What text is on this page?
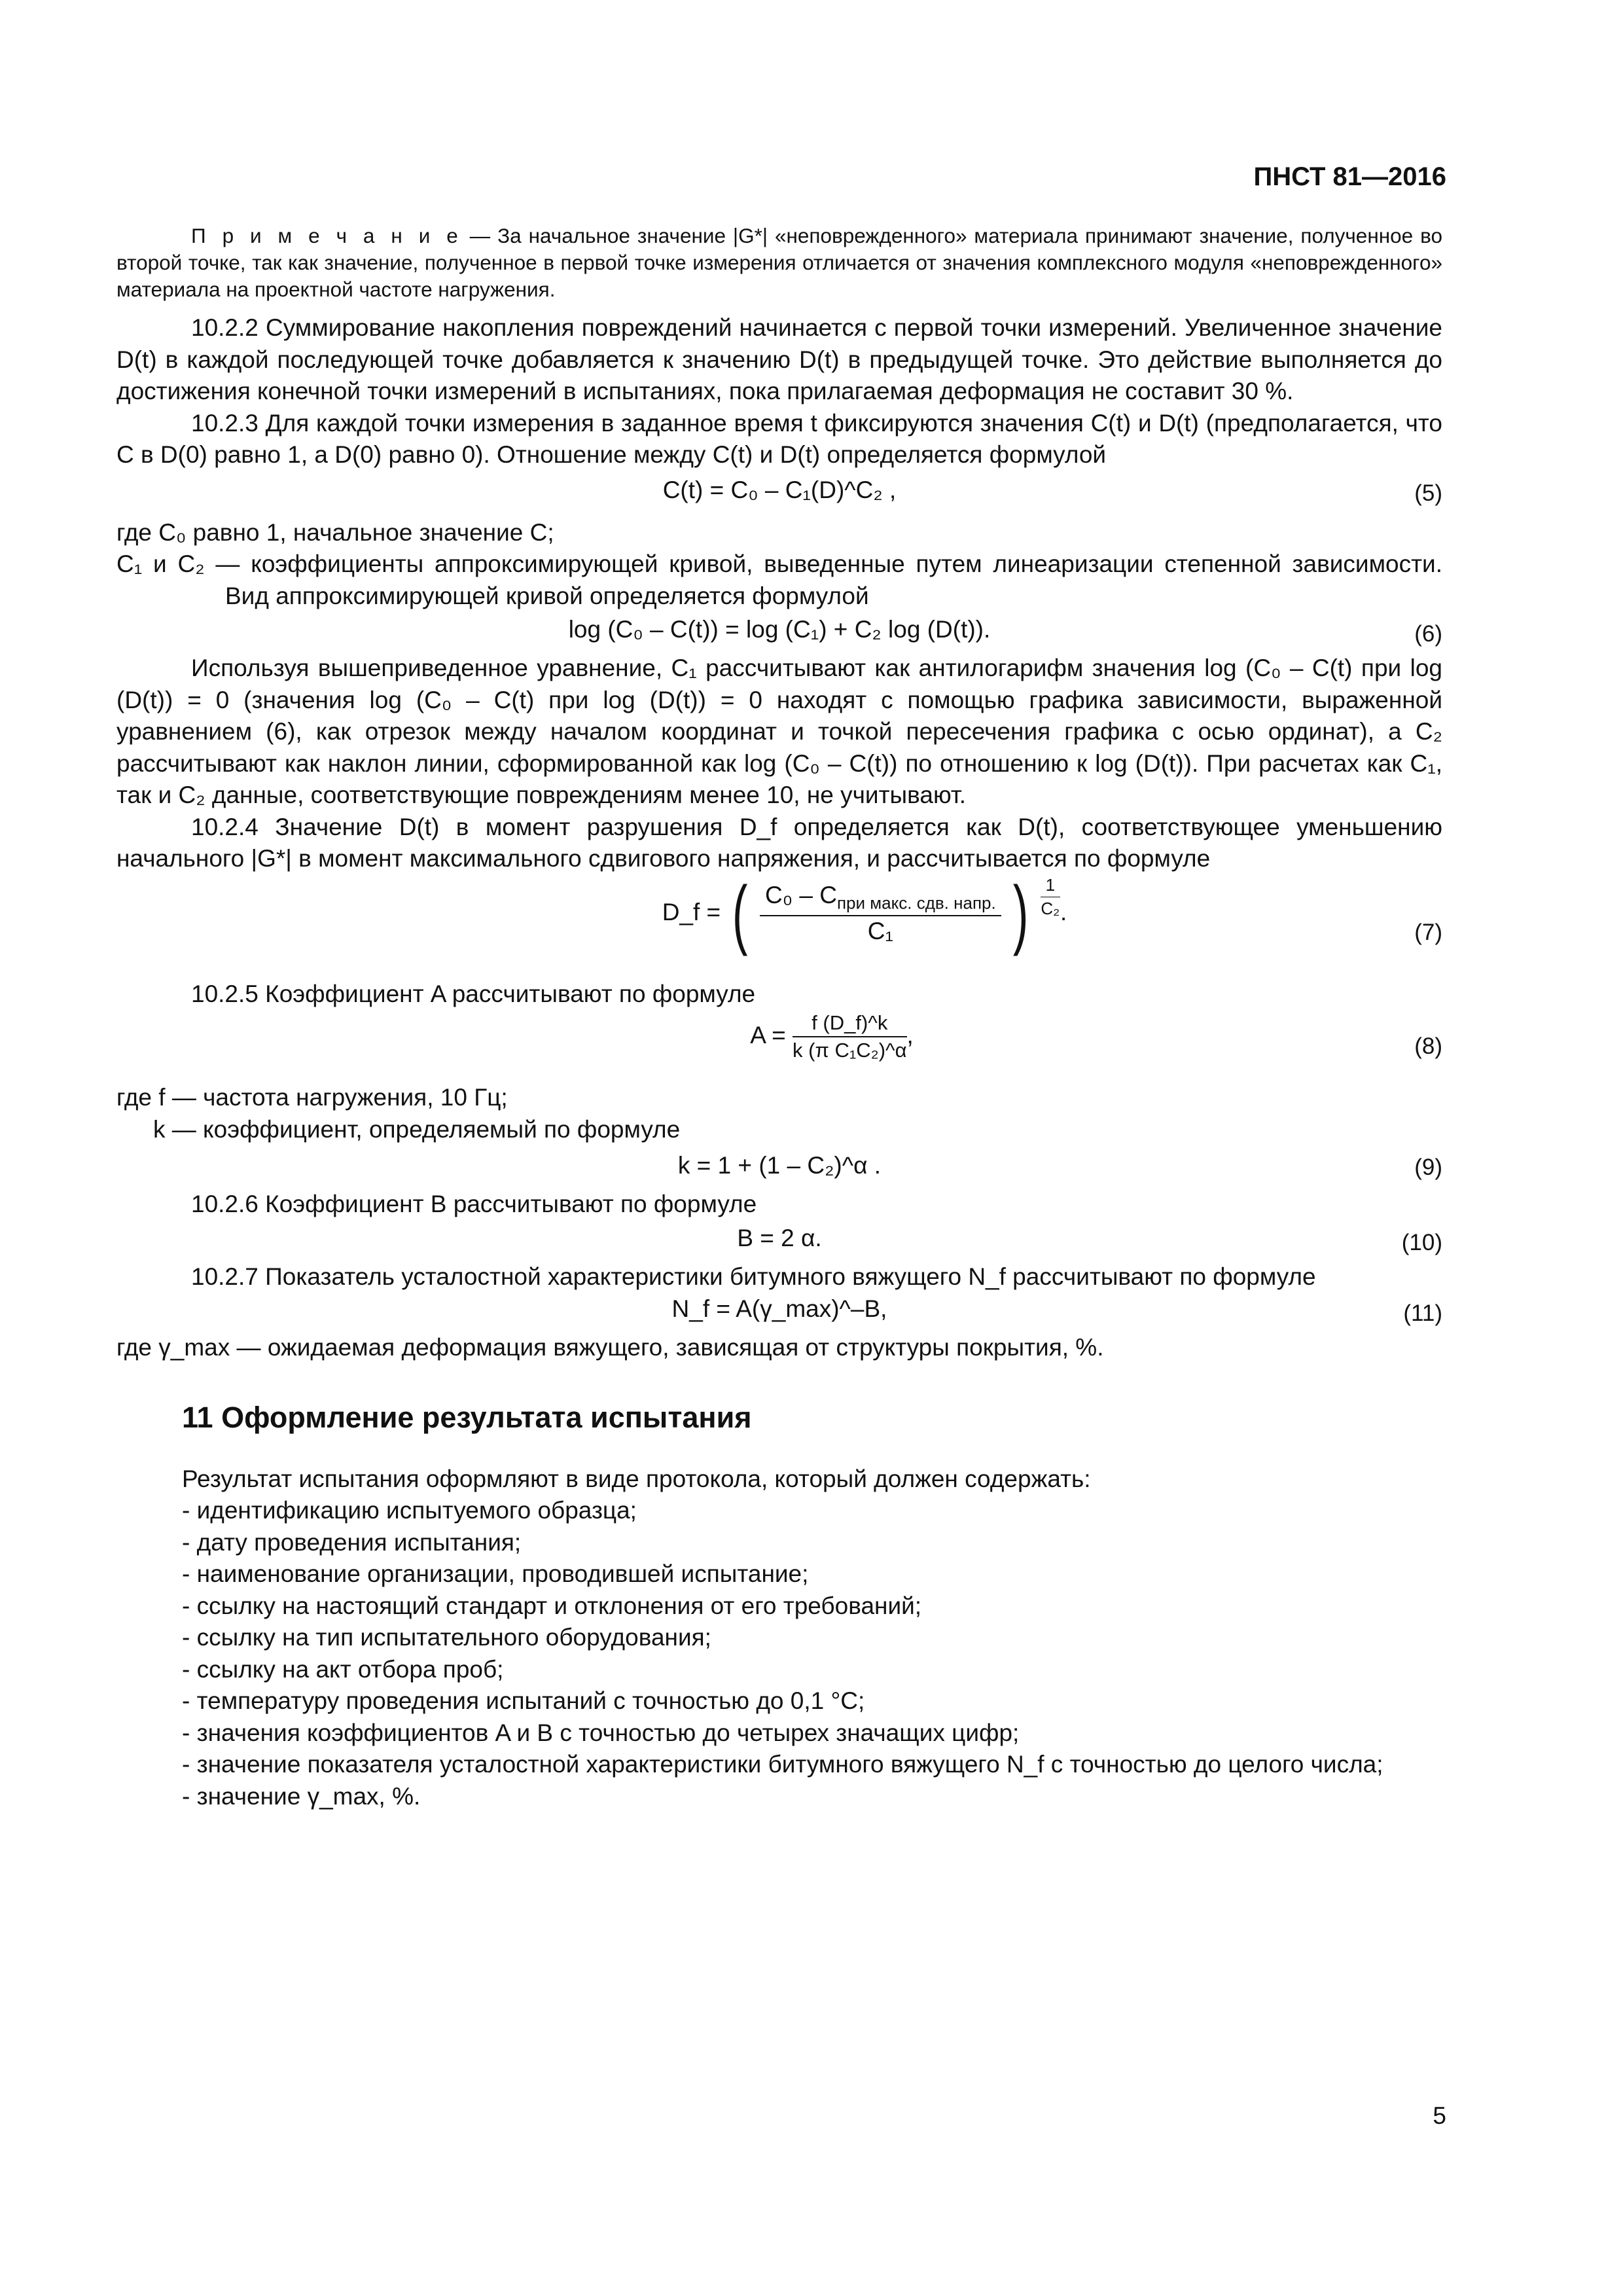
ПНСТ 81—2016

П р и м е ч а н и е — За начальное значение |G*| «неповрежденного» материала принимают значение, полученное во второй точке, так как значение, полученное в первой точке измерения отличается от значения комплексного модуля «неповрежденного» материала на проектной частоте нагружения.

10.2.2 Суммирование накопления повреждений начинается с первой точки измерений. Увеличенное значение D(t) в каждой последующей точке добавляется к значению D(t) в предыдущей точке. Это действие выполняется до достижения конечной точки измерений в испытаниях, пока прилагаемая деформация не составит 30 %.

10.2.3 Для каждой точки измерения в заданное время t фиксируются значения C(t) и D(t) (предполагается, что C в D(0) равно 1, а D(0) равно 0). Отношение между C(t) и D(t) определяется формулой

C(t) = C₀ – C₁(D)^C₂ ,	(5)

где C₀ равно 1, начальное значение C;

C₁ и C₂ — коэффициенты аппроксимирующей кривой, выведенные путем линеаризации степенной зависимости. Вид аппроксимирующей кривой определяется формулой

log (C₀ – C(t)) = log (C₁) + C₂ log (D(t)).	(6)

Используя вышеприведенное уравнение, C₁ рассчитывают как антилогарифм значения log (C₀ – C(t) при log (D(t)) = 0 (значения log (C₀ – C(t) при log (D(t)) = 0 находят с помощью графика зависимости, выраженной уравнением (6), как отрезок между началом координат и точкой пересечения графика с осью ординат), а C₂ рассчитывают как наклон линии, сформированной как log (C₀ – C(t)) по отношению к log (D(t)). При расчетах как C₁, так и C₂ данные, соответствующие повреждениям менее 10, не учитывают.

10.2.4 Значение D(t) в момент разрушения D_f определяется как D(t), соответствующее уменьшению начального |G*| в момент максимального сдвигового напряжения, и рассчитывается по формуле

D_f = ( $\frac{C_0 - C_{при макс. сдв. напр.}}{\text{C₁}}$ ) $\frac{1}{\text{C₂}}$ .
(7)

10.2.5 Коэффициент A рассчитывают по формуле

$A = \frac{f (D\_f)\^{}k}{\text{k (π C₁C₂)\textasciicircum{}α}}$ ,	(8)

где f — частота нагружения, 10 Гц;

k — коэффициент, определяемый по формуле

k = 1 + (1 – C₂)^α .	(9)

10.2.6 Коэффициент B рассчитывают по формуле

B = 2 α.	(10)

10.2.7 Показатель усталостной характеристики битумного вяжущего N_f рассчитывают по формуле

N_f = A(γ_max)^–B,	(11)

где γ_max — ожидаемая деформация вяжущего, зависящая от структуры покрытия, %.

11 Оформление результата испытания
Результат испытания оформляют в виде протокола, который должен содержать:
- идентификацию испытуемого образца;
- дату проведения испытания;
- наименование организации, проводившей испытание;
- ссылку на настоящий стандарт и отклонения от его требований;
- ссылку на тип испытательного оборудования;
- ссылку на акт отбора проб;
- температуру проведения испытаний с точностью до 0,1 °С;
- значения коэффициентов A и B с точностью до четырех значащих цифр;
- значение показателя усталостной характеристики битумного вяжущего N_f с точностью до целого числа;
- значение γ_max, %.
5
